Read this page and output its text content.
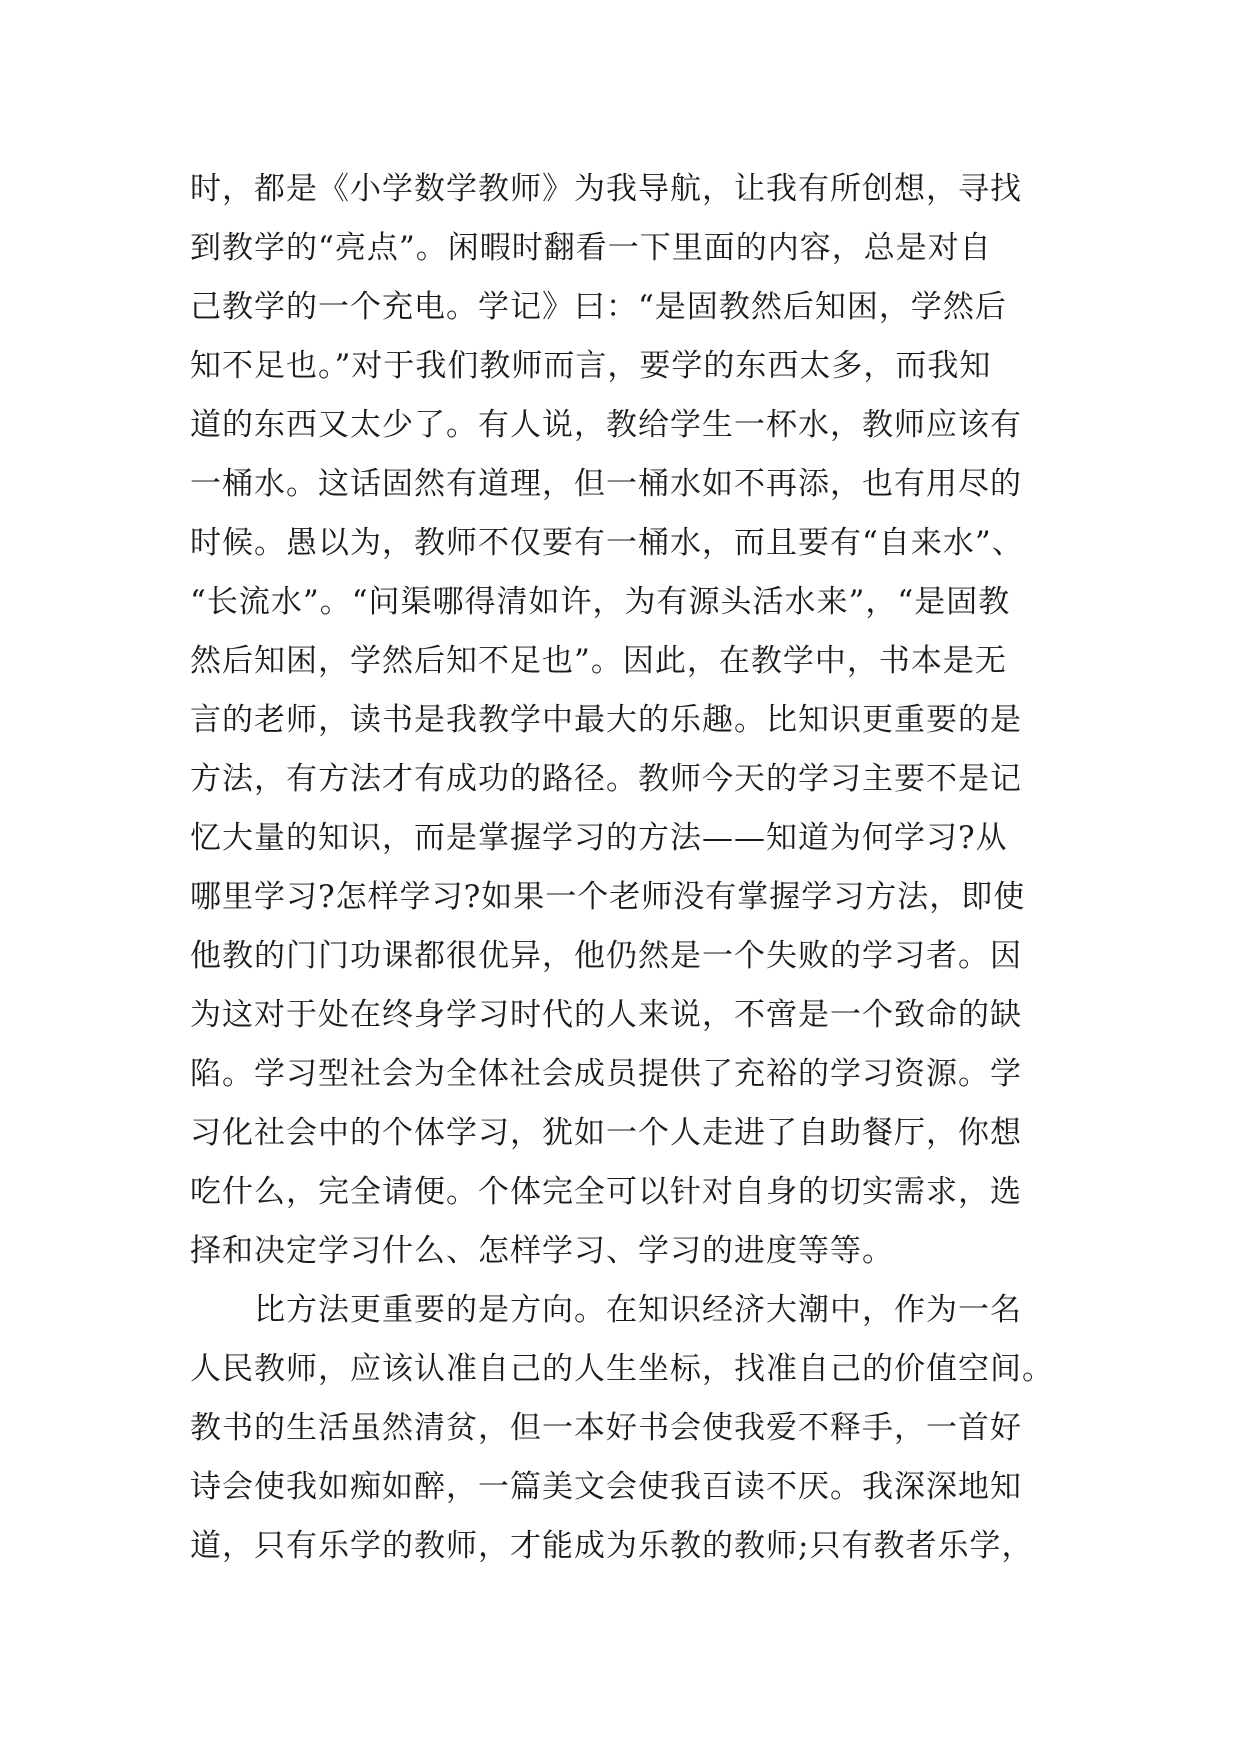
时，都是《小学数学教师》为我导航，让我有所创想，寻找
到教学的“亮点”。闲暇时翻看一下里面的内容，总是对自
己教学的一个充电。学记》曰：“是固教然后知困，学然后
知不足也。”对于我们教师而言，要学的东西太多，而我知
道的东西又太少了。有人说，教给学生一杯水，教师应该有
一桶水。这话固然有道理，但一桶水如不再添，也有用尽的
时候。愚以为，教师不仅要有一桶水，而且要有“自来水”、
“长流水”。“问渠哪得清如许，为有源头活水来”，“是固教
然后知困，学然后知不足也”。因此，在教学中，书本是无
言的老师，读书是我教学中最大的乐趣。比知识更重要的是
方法，有方法才有成功的路径。教师今天的学习主要不是记
忆大量的知识，而是掌握学习的方法——知道为何学习?从
哪里学习?怎样学习?如果一个老师没有掌握学习方法，即使
他教的门门功课都很优异，他仍然是一个失败的学习者。因
为这对于处在终身学习时代的人来说，不啻是一个致命的缺
陷。学习型社会为全体社会成员提供了充裕的学习资源。学
习化社会中的个体学习，犹如一个人走进了自助餐厅，你想
吃什么，完全请便。个体完全可以针对自身的切实需求，选
择和决定学习什么、怎样学习、学习的进度等等。
比方法更重要的是方向。在知识经济大潮中，作为一名
人民教师，应该认准自己的人生坐标，找准自己的价值空间。
教书的生活虽然清贫，但一本好书会使我爱不释手，一首好
诗会使我如痴如醉，一篇美文会使我百读不厌。我深深地知
道，只有乐学的教师，才能成为乐教的教师;只有教者乐学，
